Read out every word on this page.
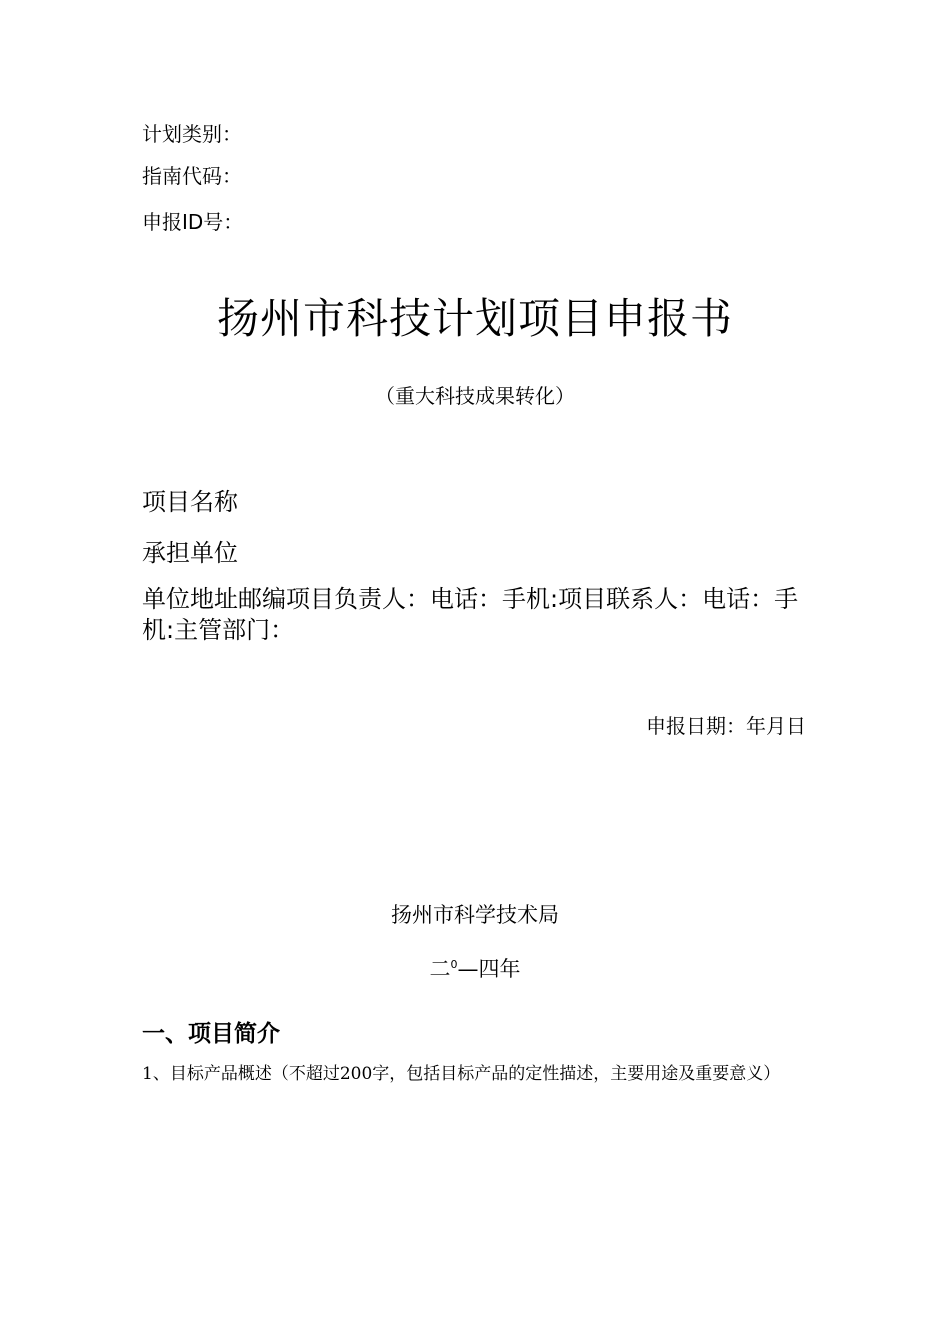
计划类别：
指南代码：
申报ID号：
扬州市科技计划项目申报书
（重大科技成果转化）
项目名称
承担单位
单位地址邮编项目负责人：电话：手机:项目联系人：电话：手机:主管部门：
申报日期：年月日
扬州市科学技术局
二$^0$—四年
一、项目简介
1、目标产品概述（不超过200字，包括目标产品的定性描述，主要用途及重要意义）
